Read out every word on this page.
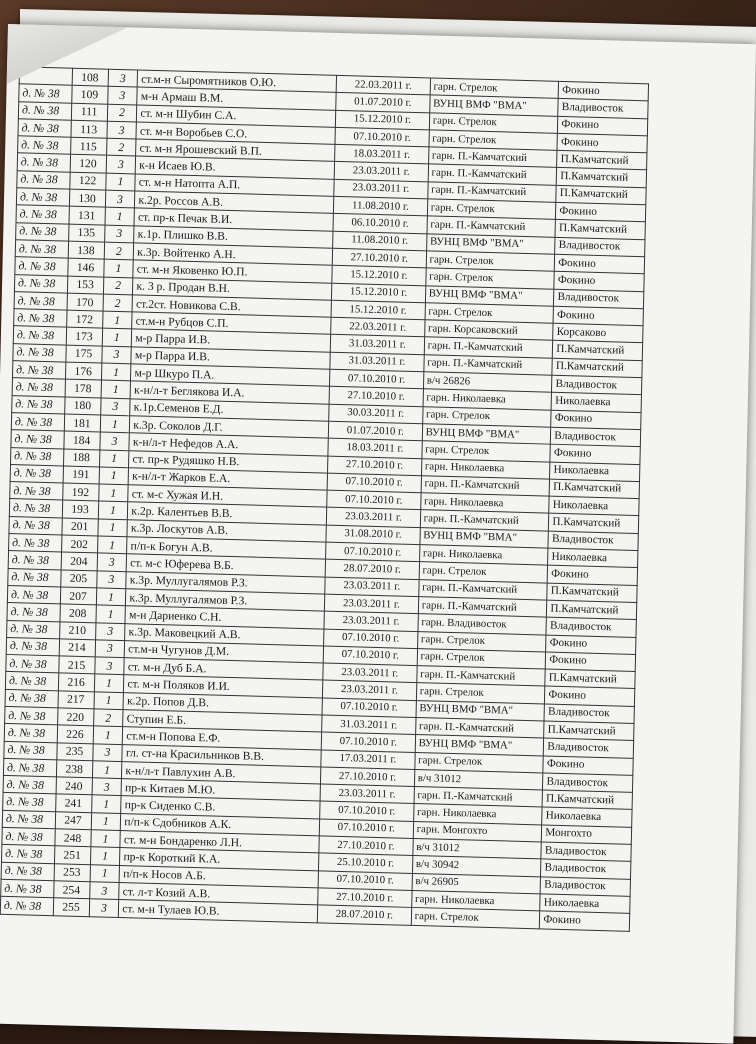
	108	3	ст.м-н Сыромятников О.Ю.	22.03.2011 г.	гарн. Стрелок	Фокино
д. № 38	109	3	м-н Армаш В.М.	01.07.2010 г.	ВУНЦ ВМФ "ВМА"	Владивосток
д. № 38	111	2	ст. м-н Шубин С.А.	15.12.2010 г.	гарн. Стрелок	Фокино
д. № 38	113	3	ст. м-н Воробьев С.О.	07.10.2010 г.	гарн. Стрелок	Фокино
д. № 38	115	2	ст. м-н Ярошевский В.П.	18.03.2011 г.	гарн. П.-Камчатский	П.Камчатский
д. № 38	120	3	к-н Исаев Ю.В.	23.03.2011 г.	гарн. П.-Камчатский	П.Камчатский
д. № 38	122	1	ст. м-н Натопта А.П.	23.03.2011 г.	гарн. П.-Камчатский	П.Камчатский
д. № 38	130	3	к.2р. Россов А.В.	11.08.2010 г.	гарн. Стрелок	Фокино
д. № 38	131	1	ст. пр-к Печак В.И.	06.10.2010 г.	гарн. П.-Камчатский	П.Камчатский
д. № 38	135	3	к.1р. Плишко В.В.	11.08.2010 г.	ВУНЦ ВМФ "ВМА"	Владивосток
д. № 38	138	2	к.3р. Войтенко А.Н.	27.10.2010 г.	гарн. Стрелок	Фокино
д. № 38	146	1	ст. м-н Яковенко Ю.П.	15.12.2010 г.	гарн. Стрелок	Фокино
д. № 38	153	2	к. 3 р. Продан В.Н.	15.12.2010 г.	ВУНЦ ВМФ "ВМА"	Владивосток
д. № 38	170	2	ст.2ст. Новикова С.В.	15.12.2010 г.	гарн. Стрелок	Фокино
д. № 38	172	1	ст.м-н Рубцов С.П.	22.03.2011 г.	гарн. Корсаковский	Корсаково
д. № 38	173	1	м-р Парра И.В.	31.03.2011 г.	гарн. П.-Камчатский	П.Камчатский
д. № 38	175	3	м-р Парра И.В.	31.03.2011 г.	гарн. П.-Камчатский	П.Камчатский
д. № 38	176	1	м-р Шкуро П.А.	07.10.2010 г.	в/ч 26826	Владивосток
д. № 38	178	1	к-н/л-т Беглякова И.А.	27.10.2010 г.	гарн. Николаевка	Николаевка
д. № 38	180	3	к.1р.Семенов Е.Д.	30.03.2011 г.	гарн. Стрелок	Фокино
д. № 38	181	1	к.3р. Соколов Д.Г.	01.07.2010 г.	ВУНЦ ВМФ "ВМА"	Владивосток
д. № 38	184	3	к-н/л-т Нефедов А.А.	18.03.2011 г.	гарн. Стрелок	Фокино
д. № 38	188	1	ст. пр-к Рудяшко Н.В.	27.10.2010 г.	гарн. Николаевка	Николаевка
д. № 38	191	1	к-н/л-т Жарков Е.А.	07.10.2010 г.	гарн. П.-Камчатский	П.Камчатский
д. № 38	192	1	ст. м-с Хужая И.Н.	07.10.2010 г.	гарн. Николаевка	Николаевка
д. № 38	193	1	к.2р. Калентьев В.В.	23.03.2011 г.	гарн. П.-Камчатский	П.Камчатский
д. № 38	201	1	к.3р. Лоскутов А.В.	31.08.2010 г.	ВУНЦ ВМФ "ВМА"	Владивосток
д. № 38	202	1	п/п-к Богун А.В.	07.10.2010 г.	гарн. Николаевка	Николаевка
д. № 38	204	3	ст. м-с Юферева В.Б.	28.07.2010 г.	гарн. Стрелок	Фокино
д. № 38	205	3	к.3р. Муллугалямов Р.З.	23.03.2011 г.	гарн. П.-Камчатский	П.Камчатский
д. № 38	207	1	к.3р. Муллугалямов Р.З.	23.03.2011 г.	гарн. П.-Камчатский	П.Камчатский
д. № 38	208	1	м-н Дариенко С.Н.	23.03.2011 г.	гарн. Владивосток	Владивосток
д. № 38	210	3	к.3р. Маковецкий А.В.	07.10.2010 г.	гарн. Стрелок	Фокино
д. № 38	214	3	ст.м-н Чугунов Д.М.	07.10.2010 г.	гарн. Стрелок	Фокино
д. № 38	215	3	ст. м-н Дуб Б.А.	23.03.2011 г.	гарн. П.-Камчатский	П.Камчатский
д. № 38	216	1	ст. м-н Поляков И.И.	23.03.2011 г.	гарн. Стрелок	Фокино
д. № 38	217	1	к.2р. Попов Д.В.	07.10.2010 г.	ВУНЦ ВМФ "ВМА"	Владивосток
д. № 38	220	2	Ступин Е.Б.	31.03.2011 г.	гарн. П.-Камчатский	П.Камчатский
д. № 38	226	1	ст.м-н Попова Е.Ф.	07.10.2010 г.	ВУНЦ ВМФ "ВМА"	Владивосток
д. № 38	235	3	гл. ст-на Красильников В.В.	17.03.2011 г.	гарн. Стрелок	Фокино
д. № 38	238	1	к-н/л-т Павлухин А.В.	27.10.2010 г.	в/ч 31012	Владивосток
д. № 38	240	3	пр-к Китаев М.Ю.	23.03.2011 г.	гарн. П.-Камчатский	П.Камчатский
д. № 38	241	1	пр-к Сиденко С.В.	07.10.2010 г.	гарн. Николаевка	Николаевка
д. № 38	247	1	п/п-к Сдобников А.К.	07.10.2010 г.	гарн. Монгохто	Монгохто
д. № 38	248	1	ст. м-н Бондаренко Л.Н.	27.10.2010 г.	в/ч 31012	Владивосток
д. № 38	251	1	пр-к Короткий К.А.	25.10.2010 г.	в/ч 30942	Владивосток
д. № 38	253	1	п/п-к Носов А.Б.	07.10.2010 г.	в/ч 26905	Владивосток
д. № 38	254	3	ст. л-т Козий А.В.	27.10.2010 г.	гарн. Николаевка	Николаевка
д. № 38	255	3	ст. м-н Тулаев Ю.В.	28.07.2010 г.	гарн. Стрелок	Фокино
